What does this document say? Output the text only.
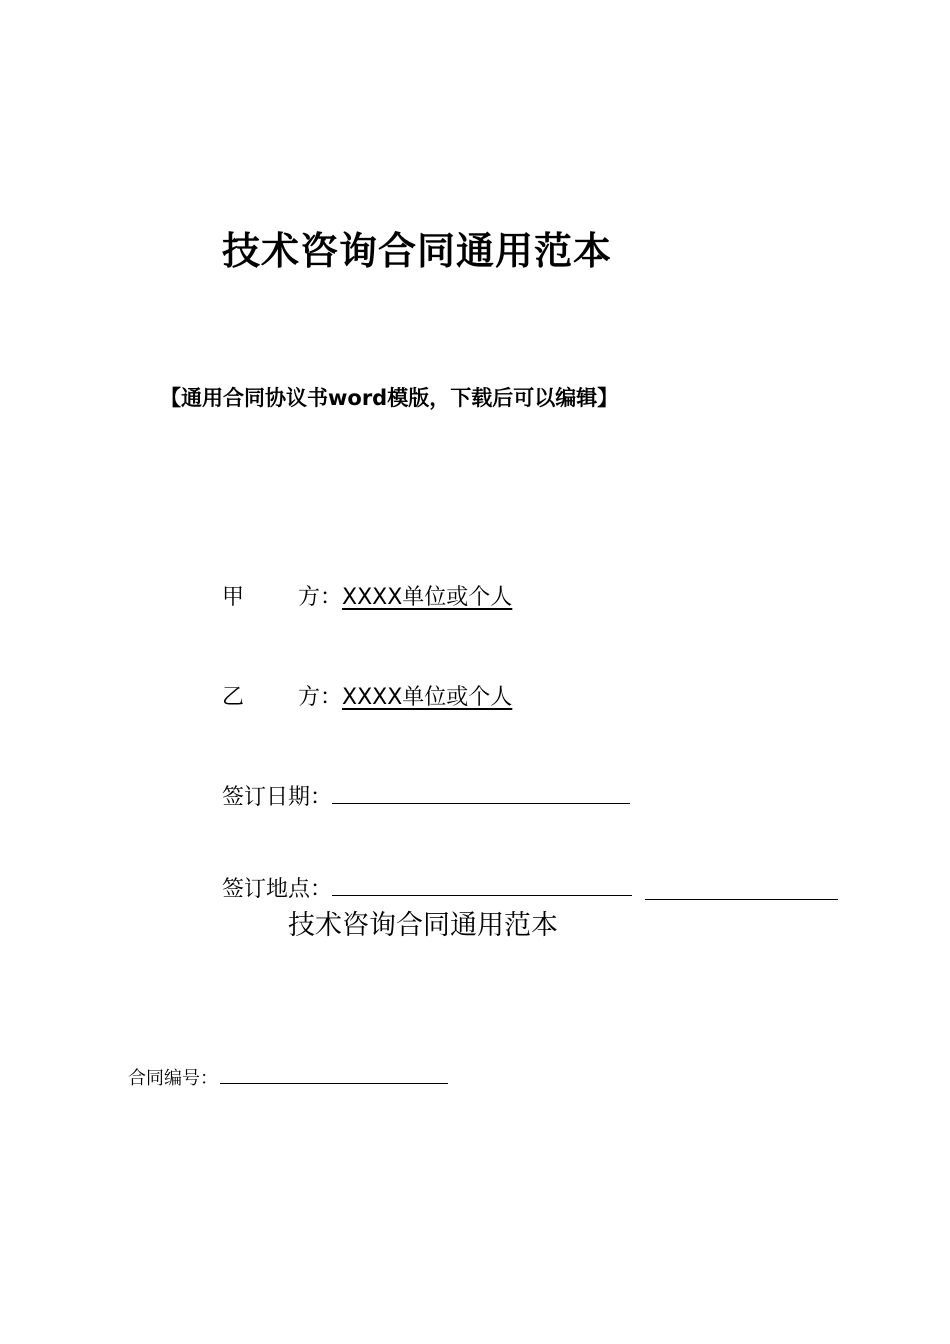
技术咨询合同通用范本
【通用合同协议书word模版，下载后可以编辑】
甲 方：XXXX单位或个人
乙 方：XXXX单位或个人
签订日期：
签订地点：
技术咨询合同通用范本
合同编号：
